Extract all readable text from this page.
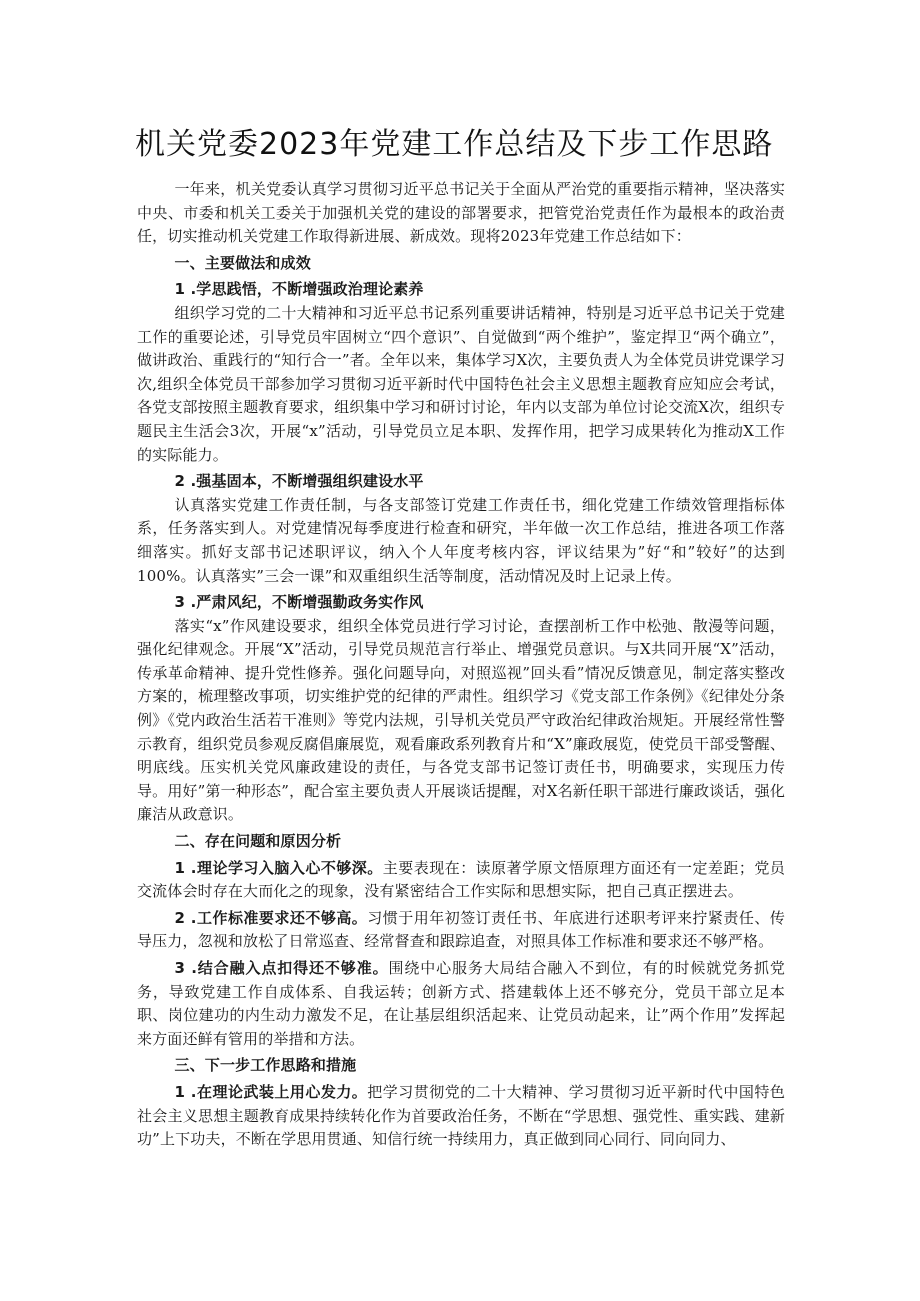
机关党委2023年党建工作总结及下步工作思路

一年来，机关党委认真学习贯彻习近平总书记关于全面从严治党的重要指示精神，坚决落实中央、市委和机关工委关于加强机关党的建设的部署要求，把管党治党责任作为最根本的政治责任，切实推动机关党建工作取得新进展、新成效。现将2023年党建工作总结如下：

一、主要做法和成效
1 .学思践悟，不断增强政治理论素养

组织学习党的二十大精神和习近平总书记系列重要讲话精神，特别是习近平总书记关于党建工作的重要论述，引导党员牢固树立“四个意识”、自觉做到“两个维护”，鉴定捍卫“两个确立”，做讲政治、重践行的“知行合一”者。全年以来，集体学习X次，主要负责人为全体党员讲党课学习次,组织全体党员干部参加学习贯彻习近平新时代中国特色社会主义思想主题教育应知应会考试，各党支部按照主题教育要求，组织集中学习和研讨讨论，年内以支部为单位讨论交流X次，组织专题民主生活会3次，开展“x”活动，引导党员立足本职、发挥作用，把学习成果转化为推动X工作的实际能力。

2 .强基固本，不断增强组织建设水平

认真落实党建工作责任制，与各支部签订党建工作责任书，细化党建工作绩效管理指标体系，任务落实到人。对党建情况每季度进行检查和研究，半年做一次工作总结，推进各项工作落细落实。抓好支部书记述职评议，纳入个人年度考核内容，评议结果为”好“和”较好”的达到100%。认真落实”三会一课”和双重组织生活等制度，活动情况及时上记录上传。

3 .严肃风纪，不断增强勤政务实作风

落实“x”作风建设要求，组织全体党员进行学习讨论，查摆剖析工作中松弛、散漫等问题，强化纪律观念。开展“X”活动，引导党员规范言行举止、增强党员意识。与X共同开展“X”活动，传承革命精神、提升党性修养。强化问题导向，对照巡视”回头看”情况反馈意见，制定落实整改方案的，梳理整改事项，切实维护党的纪律的严肃性。组织学习《党支部工作条例》《纪律处分条例》《党内政治生活若干准则》等党内法规，引导机关党员严守政治纪律政治规矩。开展经常性警示教育，组织党员参观反腐倡廉展览，观看廉政系列教育片和“X”廉政展览，使党员干部受警醒、明底线。压实机关党风廉政建设的责任，与各党支部书记签订责任书，明确要求，实现压力传导。用好”第一种形态”，配合室主要负责人开展谈话提醒，对X名新任职干部进行廉政谈话，强化廉洁从政意识。

二、存在问题和原因分析

1 .理论学习入脑入心不够深。主要表现在：读原著学原文悟原理方面还有一定差距；党员交流体会时存在大而化之的现象，没有紧密结合工作实际和思想实际，把自己真正摆进去。

2 .工作标准要求还不够高。习惯于用年初签订责任书、年底进行述职考评来拧紧责任、传导压力，忽视和放松了日常巡查、经常督查和跟踪追查，对照具体工作标准和要求还不够严格。

3 .结合融入点扣得还不够准。围绕中心服务大局结合融入不到位，有的时候就党务抓党务，导致党建工作自成体系、自我运转；创新方式、搭建载体上还不够充分，党员干部立足本职、岗位建功的内生动力激发不足，在让基层组织活起来、让党员动起来，让”两个作用”发挥起来方面还鲜有管用的举措和方法。

三、下一步工作思路和措施

1 .在理论武装上用心发力。把学习贯彻党的二十大精神、学习贯彻习近平新时代中国特色社会主义思想主题教育成果持续转化作为首要政治任务，不断在“学思想、强党性、重实践、建新功”上下功夫，不断在学思用贯通、知信行统一持续用力，真正做到同心同行、同向同力、
